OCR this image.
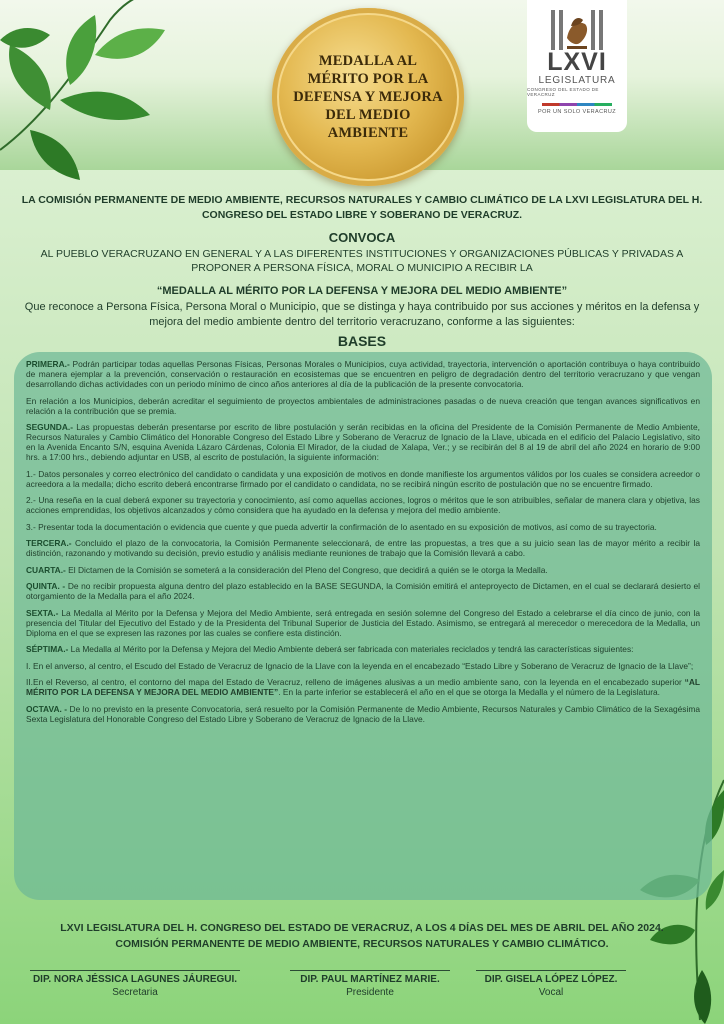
MEDALLA AL MÉRITO POR LA DEFENSA Y MEJORA DEL MEDIO AMBIENTE
LXVI
LEGISLATURA
CONGRESO DEL ESTADO DE VERACRUZ
POR UN SOLO VERACRUZ
LA COMISIÓN PERMANENTE DE MEDIO AMBIENTE, RECURSOS NATURALES Y CAMBIO CLIMÁTICO DE LA LXVI LEGISLATURA DEL H. CONGRESO DEL ESTADO LIBRE Y SOBERANO DE VERACRUZ.
CONVOCA
AL PUEBLO VERACRUZANO EN GENERAL Y A LAS DIFERENTES INSTITUCIONES Y ORGANIZACIONES PÚBLICAS Y PRIVADAS A PROPONER A PERSONA FÍSICA, MORAL O MUNICIPIO A RECIBIR LA
“MEDALLA AL MÉRITO POR LA DEFENSA Y MEJORA DEL MEDIO AMBIENTE”
Que reconoce a Persona Física, Persona Moral o Municipio, que se distinga y haya contribuido por sus acciones y méritos en la defensa y mejora del medio ambiente dentro del territorio veracruzano, conforme a las siguientes:
BASES

PRIMERA.- Podrán participar todas aquellas Personas Físicas, Personas Morales o Municipios, cuya actividad, trayectoria, intervención o aportación contribuya o haya contribuido de manera ejemplar a la prevención, conservación o restauración en ecosistemas que se encuentren en peligro de degradación dentro del territorio veracruzano y que vengan desarrollando dichas actividades con un periodo mínimo de cinco años anteriores al día de la publicación de la presente convocatoria.

En relación a los Municipios, deberán acreditar el seguimiento de proyectos ambientales de administraciones pasadas o de nueva creación que tengan avances significativos en relación a la contribución que se premia.

SEGUNDA.- Las propuestas deberán presentarse por escrito de libre postulación y serán recibidas en la oficina del Presidente de la Comisión Permanente de Medio Ambiente, Recursos Naturales y Cambio Climático del Honorable Congreso del Estado Libre y Soberano de Veracruz de Ignacio de la Llave, ubicada en el edificio del Palacio Legislativo, sito en la Avenida Encanto S/N, esquina Avenida Lázaro Cárdenas, Colonia El Mirador, de la ciudad de Xalapa, Ver.; y se recibirán del 8 al 19 de abril del año 2024 en horario de 9:00 hrs. a 17:00 hrs., debiendo adjuntar en USB, al escrito de postulación, la siguiente información:

1.- Datos personales y correo electrónico del candidato o candidata y una exposición de motivos en donde manifieste los argumentos válidos por los cuales se considera acreedor o acreedora a la medalla; dicho escrito deberá encontrarse firmado por el candidato o candidata, no se recibirá ningún escrito de postulación que no se encuentre firmado.

2.- Una reseña en la cual deberá exponer su trayectoria y conocimiento, así como aquellas acciones, logros o méritos que le son atribuibles, señalar de manera clara y objetiva, las acciones emprendidas, los objetivos alcanzados y cómo considera que ha ayudado en la defensa y mejora del medio ambiente.

3.- Presentar toda la documentación o evidencia que cuente y que pueda advertir la confirmación de lo asentado en su exposición de motivos, así como de su trayectoria.

TERCERA.- Concluido el plazo de la convocatoria, la Comisión Permanente seleccionará, de entre las propuestas, a tres que a su juicio sean las de mayor mérito a recibir la distinción, razonando y motivando su decisión, previo estudio y análisis mediante reuniones de trabajo que la Comisión llevará a cabo.

CUARTA.- El Dictamen de la Comisión se someterá a la consideración del Pleno del Congreso, que decidirá a quién se le otorga la Medalla.

QUINTA. - De no recibir propuesta alguna dentro del plazo establecido en la BASE SEGUNDA, la Comisión emitirá el anteproyecto de Dictamen, en el cual se declarará desierto el otorgamiento de la Medalla para el año 2024.

SEXTA.- La Medalla al Mérito por la Defensa y Mejora del Medio Ambiente, será entregada en sesión solemne del Congreso del Estado a celebrarse el día cinco de junio, con la presencia del Titular del Ejecutivo del Estado y de la Presidenta del Tribunal Superior de Justicia del Estado. Asimismo, se entregará al merecedor o merecedora de la Medalla, un Diploma en el que se expresen las razones por las cuales se confiere esta distinción.

SÉPTIMA.- La Medalla al Mérito por la Defensa y Mejora del Medio Ambiente deberá ser fabricada con materiales reciclados y tendrá las características siguientes:

I. En el anverso, al centro, el Escudo del Estado de Veracruz de Ignacio de la Llave con la leyenda en el encabezado “Estado Libre y Soberano de Veracruz de Ignacio de la Llave”;

II.En el Reverso, al centro, el contorno del mapa del Estado de Veracruz, relleno de imágenes alusivas a un medio ambiente sano, con la leyenda en el encabezado superior “AL MÉRITO POR LA DEFENSA Y MEJORA DEL MEDIO AMBIENTE”. En la parte inferior se establecerá el año en el que se otorga la Medalla y el número de la Legislatura.

OCTAVA. - De lo no previsto en la presente Convocatoria, será resuelto por la Comisión Permanente de Medio Ambiente, Recursos Naturales y Cambio Climático de la Sexagésima Sexta Legislatura del Honorable Congreso del Estado Libre y Soberano de Veracruz de Ignacio de la Llave.

LXVI LEGISLATURA DEL H. CONGRESO DEL ESTADO DE VERACRUZ, A LOS 4 DÍAS DEL MES DE ABRIL DEL AÑO 2024.
COMISIÓN PERMANENTE DE MEDIO AMBIENTE, RECURSOS NATURALES Y CAMBIO CLIMÁTICO.
DIP. NORA JÉSSICA LAGUNES JÁUREGUI.
Secretaria
DIP. PAUL MARTÍNEZ MARIE.
Presidente
DIP. GISELA LÓPEZ LÓPEZ.
Vocal
